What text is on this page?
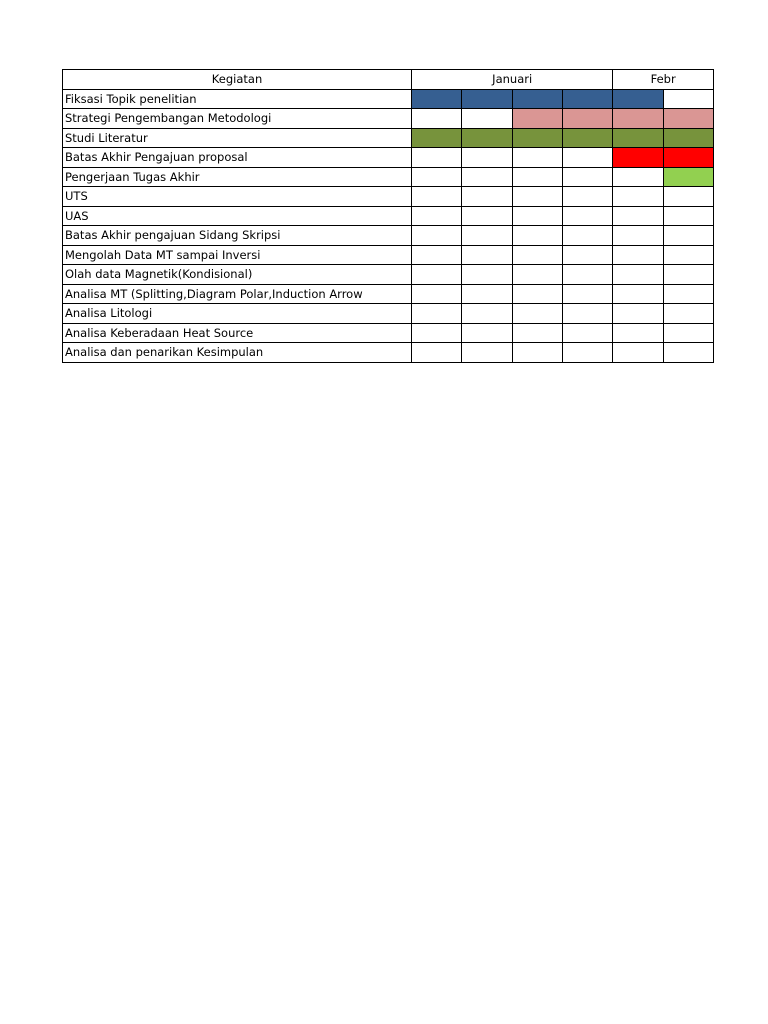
Kegiatan	Januari				Febr	
Fiksasi Topik penelitian						
Strategi Pengembangan Metodologi						
Studi Literatur						
Batas Akhir Pengajuan proposal						
Pengerjaan Tugas Akhir						
UTS						
UAS						
Batas Akhir pengajuan Sidang Skripsi						
Mengolah Data MT sampai Inversi						
Olah data Magnetik(Kondisional)						
Analisa MT (Splitting,Diagram Polar,Induction Arrow						
Analisa Litologi						
Analisa Keberadaan Heat Source						
Analisa dan penarikan Kesimpulan						
